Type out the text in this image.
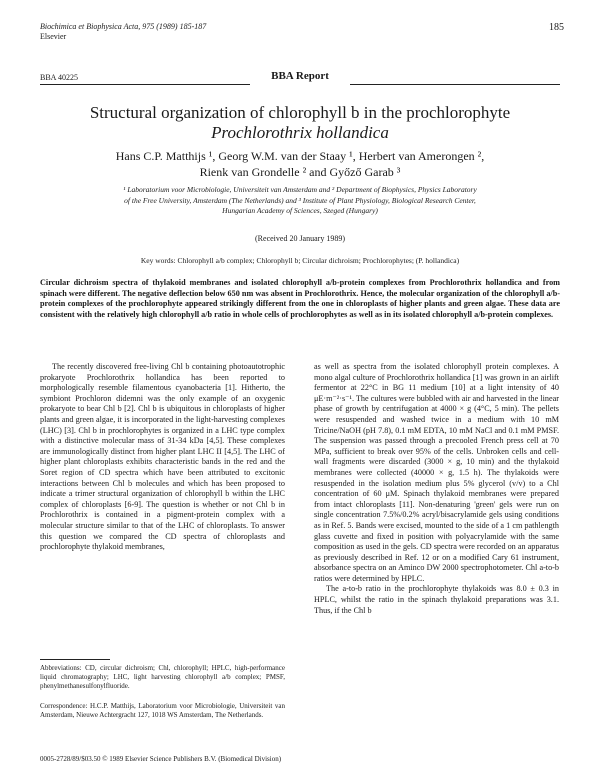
Biochimica et Biophysica Acta, 975 (1989) 185-187
Elsevier
185
BBA 40225	BBA Report
Structural organization of chlorophyll b in the prochlorophyte
Prochlorothrix hollandica
Hans C.P. Matthijs ¹, Georg W.M. van der Staay ¹, Herbert van Amerongen ²,
Rienk van Grondelle ² and Győző Garab ³
¹ Laboratorium voor Microbiologie, Universiteit van Amsterdam and ² Department of Biophysics, Physics Laboratory
of the Free University, Amsterdam (The Netherlands) and ³ Institute of Plant Physiology, Biological Research Center,
Hungarian Academy of Sciences, Szeged (Hungary)
(Received 20 January 1989)
Key words: Chlorophyll a/b complex; Chlorophyll b; Circular dichroism; Prochlorophytes; (P. hollandica)
Circular dichroism spectra of thylakoid membranes and isolated chlorophyll a/b-protein complexes from Prochlorothrix hollandica and from spinach were different. The negative deflection below 650 nm was absent in Prochlorothrix. Hence, the molecular organization of the chlorophyll a/b-protein complexes of the prochlorophyte appeared strikingly different from the one in chloroplasts of higher plants and green algae. These data are consistent with the relatively high chlorophyll a/b ratio in whole cells of prochlorophytes as well as in its isolated chlorophyll a/b-protein complexes.
The recently discovered free-living Chl b containing photoautotrophic prokaryote Prochlorothrix hollandica has been reported to morphologically resemble filamentous cyanobacteria [1]. Hitherto, the symbiont Prochloron didemni was the only example of an oxygenic prokaryote to bear Chl b [2]. Chl b is ubiquitous in chloroplasts of higher plants and green algae, it is incorporated in the light-harvesting complexes (LHC) [3]. Chl b in prochlorophytes is organized in a LHC type complex with a distinctive molecular mass of 31-34 kDa [4,5]. These complexes are immunologically distinct from higher plant LHC II [4,5]. The LHC of higher plant chloroplasts exhibits characteristic bands in the red and the Soret region of CD spectra which have been attributed to excitonic interactions between Chl b molecules and which has been proposed to indicate a trimer structural organization of chlorophyll b within the LHC complex of chloroplasts [6-9]. The question is whether or not Chl b in Prochlorothrix is contained in a pigment-protein complex with a molecular structure similar to that of the LHC of chloroplasts. To answer this question we compared the CD spectra of chloroplasts and prochlorophyte thylakoid membranes,

as well as spectra from the isolated chlorophyll protein complexes. A mono algal culture of Prochlorothrix hollandica [1] was grown in an airlift fermentor at 22°C in BG 11 medium [10] at a light intensity of 40 μE·m⁻²·s⁻¹. The cultures were bubbled with air and harvested in the linear phase of growth by centrifugation at 4000 × g (4°C, 5 min). The pellets were resuspended and washed twice in a medium with 10 mM Tricine/NaOH (pH 7.8), 0.1 mM EDTA, 10 mM NaCl and 0.1 mM PMSF. The suspension was passed through a precooled French press cell at 70 MPa, sufficient to break over 95% of the cells. Unbroken cells and cell-wall fragments were discarded (3000 × g, 10 min) and the thylakoid membranes were collected (40000 × g, 1.5 h). The thylakoids were resuspended in the isolation medium plus 5% glycerol (v/v) to a Chl concentration of 60 μM. Spinach thylakoid membranes were prepared from intact chloroplasts [11]. Non-denaturing 'green' gels were run on single concentration 7.5%/0.2% acryl/bisacrylamide gels using conditions as in Ref. 5. Bands were excised, mounted to the side of a 1 cm pathlength glass cuvette and fixed in position with polyacrylamide with the same composition as used in the gels. CD spectra were recorded on an apparatus as previously described in Ref. 12 or on a modified Cary 61 instrument, absorbance spectra on an Aminco DW 2000 spectrophotometer. Chl a-to-b ratios were determined by HPLC.

The a-to-b ratio in the prochlorophyte thylakoids was 8.0 ± 0.3 in HPLC, whilst the ratio in the spinach thylakoid preparations was 3.1. Thus, if the Chl b

Abbreviations: CD, circular dichroism; Chl, chlorophyll; HPLC, high-performance liquid chromatography; LHC, light harvesting chlorophyll a/b complex; PMSF, phenylmethanesulfonylfluoride.
Correspondence: H.C.P. Matthijs, Laboratorium voor Microbiologie, Universiteit van Amsterdam, Nieuwe Achtergracht 127, 1018 WS Amsterdam, The Netherlands.
0005-2728/89/$03.50 © 1989 Elsevier Science Publishers B.V. (Biomedical Division)
